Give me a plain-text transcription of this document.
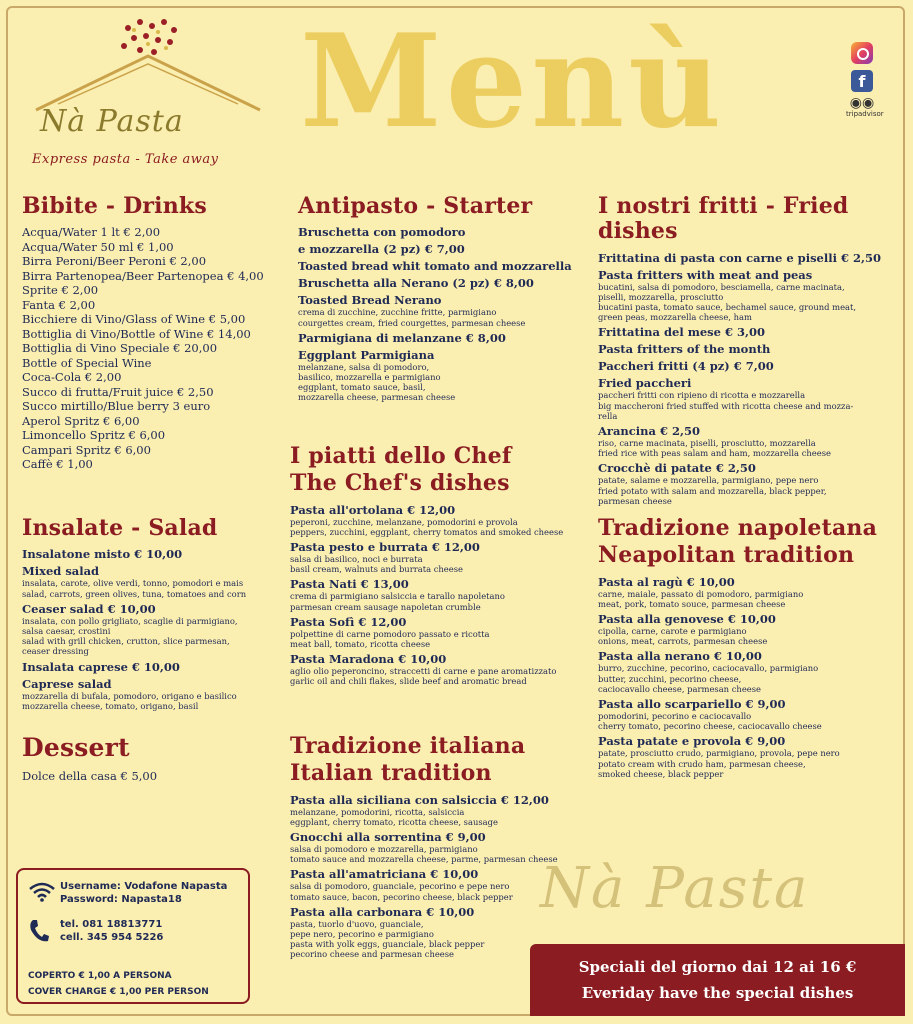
Nà Pasta
Express pasta - Take away
Menù	f
◉◉
tripadvisor
Bibite - Drinks
Acqua/Water 1 lt € 2,00
Acqua/Water 50 ml € 1,00
Birra Peroni/Beer Peroni € 2,00
Birra Partenopea/Beer Partenopea € 4,00
Sprite € 2,00
Fanta € 2,00
Bicchiere di Vino/Glass of Wine € 5,00
Bottiglia di Vino/Bottle of Wine € 14,00
Bottiglia di Vino Speciale € 20,00
Bottle of Special Wine
Coca-Cola € 2,00
Succo di frutta/Fruit juice € 2,50
Succo mirtillo/Blue berry 3 euro
Aperol Spritz € 6,00
Limoncello Spritz € 6,00
Campari Spritz € 6,00
Caffè € 1,00
Insalate - Salad
Insalatone misto € 10,00
Mixed salad
insalata, carote, olive verdi, tonno, pomodori e mais
salad, carrots, green olives, tuna, tomatoes and corn
Ceaser salad € 10,00
insalata, con pollo grigliato, scaglie di parmigiano,
salsa caesar, crostini
salad with grill chicken, crutton, slice parmesan,
ceaser dressing
Insalata caprese € 10,00
Caprese salad
mozzarella di bufala, pomodoro, origano e basilico
mozzarella cheese, tomato, origano, basil
Dessert
Dolce della casa € 5,00
Username: Vodafone Napasta
Password: Napasta18
tel. 081 18813771
cell. 345 954 5226
COPERTO € 1,00 A PERSONA
COVER CHARGE € 1,00 PER PERSON
Antipasto - Starter
Bruschetta con pomodoro
e mozzarella (2 pz) € 7,00
Toasted bread whit tomato and mozzarella
Bruschetta alla Nerano (2 pz) € 8,00
Toasted Bread Nerano
crema di zucchine, zucchine fritte, parmigiano
courgettes cream, fried courgettes, parmesan cheese
Parmigiana di melanzane € 8,00
Eggplant Parmigiana
melanzane, salsa di pomodoro,
basilico, mozzarella e parmigiano
eggplant, tomato sauce, basil,
mozzarella cheese, parmesan cheese
I piatti dello Chef
The Chef's dishes
Pasta all'ortolana € 12,00
peperoni, zucchine, melanzane, pomodorini e provola
peppers, zucchini, eggplant, cherry tomatos and smoked cheese
Pasta pesto e burrata € 12,00
salsa di basilico, noci e burrata
basil cream, walnuts and burrata cheese
Pasta Nati € 13,00
crema di parmigiano salsiccia e tarallo napoletano
parmesan cream sausage napoletan crumble
Pasta Sofì € 12,00
polpettine di carne pomodoro passato e ricotta
meat ball, tomato, ricotta cheese
Pasta Maradona € 10,00
aglio olio peperoncino, straccetti di carne e pane aromatizzato
garlic oil and chili flakes, slide beef and aromatic bread
Tradizione italiana
Italian tradition
Pasta alla siciliana con salsiccia € 12,00
melanzane, pomodorini, ricotta, salsiccia
eggplant, cherry tomato, ricotta cheese, sausage
Gnocchi alla sorrentina € 9,00
salsa di pomodoro e mozzarella, parmigiano
tomato sauce and mozzarella cheese, parme, parmesan cheese
Pasta all'amatriciana € 10,00
salsa di pomodoro, guanciale, pecorino e pepe nero
tomato sauce, bacon, pecorino cheese, black pepper
Pasta alla carbonara € 10,00
pasta, tuorlo d'uovo, guanciale,
pepe nero, pecorino e parmigiano
pasta with yolk eggs, guanciale, black pepper
pecorino cheese and parmesan cheese
I nostri fritti - Fried dishes
Frittatina di pasta con carne e piselli € 2,50
Pasta fritters with meat and peas
bucatini, salsa di pomodoro, besciamella, carne macinata,
piselli, mozzarella, prosciutto
bucatini pasta, tomato sauce, bechamel sauce, ground meat,
green peas, mozzarella cheese, ham
Frittatina del mese € 3,00
Pasta fritters of the month
Paccheri fritti (4 pz) € 7,00
Fried paccheri
paccheri fritti con ripieno di ricotta e mozzarella
big maccheroni fried stuffed with ricotta cheese and mozza-
rella
Arancina € 2,50
riso, carne macinata, piselli, prosciutto, mozzarella
fried rice with peas salam and ham, mozzarella cheese
Crocchè di patate € 2,50
patate, salame e mozzarella, parmigiano, pepe nero
fried potato with salam and mozzarella, black pepper,
parmesan cheese
Tradizione napoletana
Neapolitan tradition
Pasta al ragù € 10,00
carne, maiale, passato di pomodoro, parmigiano
meat, pork, tomato souce, parmesan cheese
Pasta alla genovese € 10,00
cipolla, carne, carote e parmigiano
onions, meat, carrots, parmesan cheese
Pasta alla nerano € 10,00
burro, zucchine, pecorino, caciocavallo, parmigiano
butter, zucchini, pecorino cheese,
caciocavallo cheese, parmesan cheese
Pasta allo scarpariello € 9,00
pomodorini, pecorino e caciocavallo
cherry tomato, pecorino cheese, caciocavallo cheese
Pasta patate e provola € 9,00
patate, prosciutto crudo, parmigiano, provola, pepe nero
potato cream with crudo ham, parmesan cheese,
smoked cheese, black pepper
Nà Pasta
Speciali del giorno dai 12 ai 16 €
Everiday have the special dishes
